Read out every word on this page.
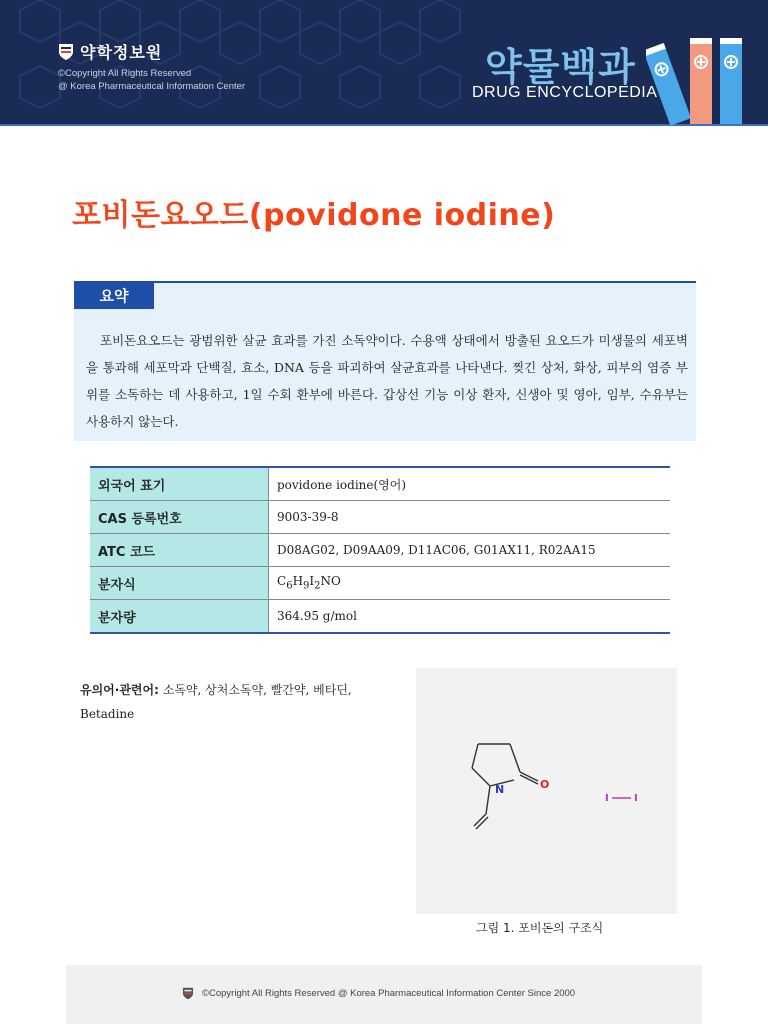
약학정보원
©Copyright All Rights Reserved
@ Korea Pharmaceutical Information Center	약물백과
DRUG ENCYCLOPEDIA
포비돈요오드(povidone iodine)
요약
포비돈요오드는 광범위한 살균 효과를 가진 소독약이다. 수용액 상태에서 방출된 요오드가 미생물의 세포벽을 통과해 세포막과 단백질, 효소, DNA 등을 파괴하여 살균효과를 나타낸다. 찢긴 상처, 화상, 피부의 염증 부위를 소독하는 데 사용하고, 1일 수회 환부에 바른다. 갑상선 기능 이상 환자, 신생아 및 영아, 임부, 수유부는 사용하지 않는다.
외국어 표기	povidone iodine(영어)
CAS 등록번호	9003-39-8
ATC 코드	D08AG02, D09AA09, D11AC06, G01AX11, R02AA15
분자식	$C_6H_9I_2NO$
분자량	364.95 g/mol
유의어·관련어: 소독약, 상처소독약, 빨간약, 베타딘, Betadine
N	O
I	I
그림 1. 포비돈의 구조식
©Copyright All Rights Reserved @ Korea Pharmaceutical Information Center Since 2000
